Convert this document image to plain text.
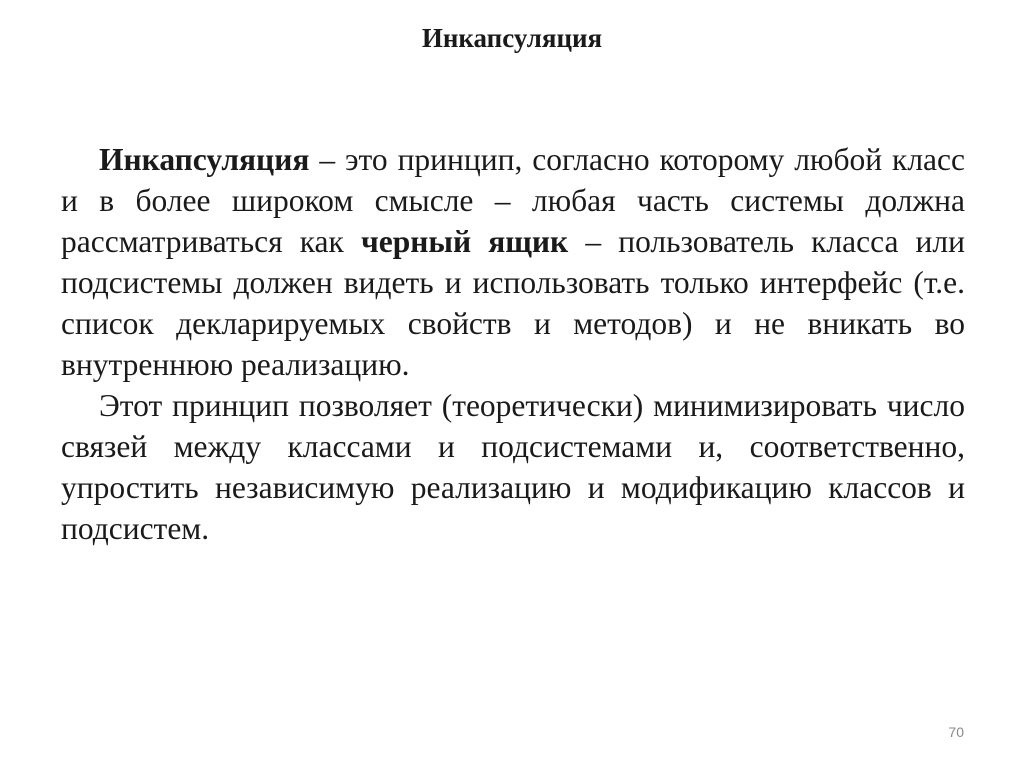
Инкапсуляция

Инкапсуляция – это принцип, согласно которому любой класс и в более широком смысле – любая часть системы должна рассматриваться как черный ящик – пользователь класса или подсистемы должен видеть и использовать только интерфейс (т.е. список декларируемых свойств и методов) и не вникать во внутреннюю реализацию.

Этот принцип позволяет (теоретически) минимизировать число связей между классами и подсистемами и, соответственно, упростить независимую реализацию и модификацию классов и подсистем.

70
